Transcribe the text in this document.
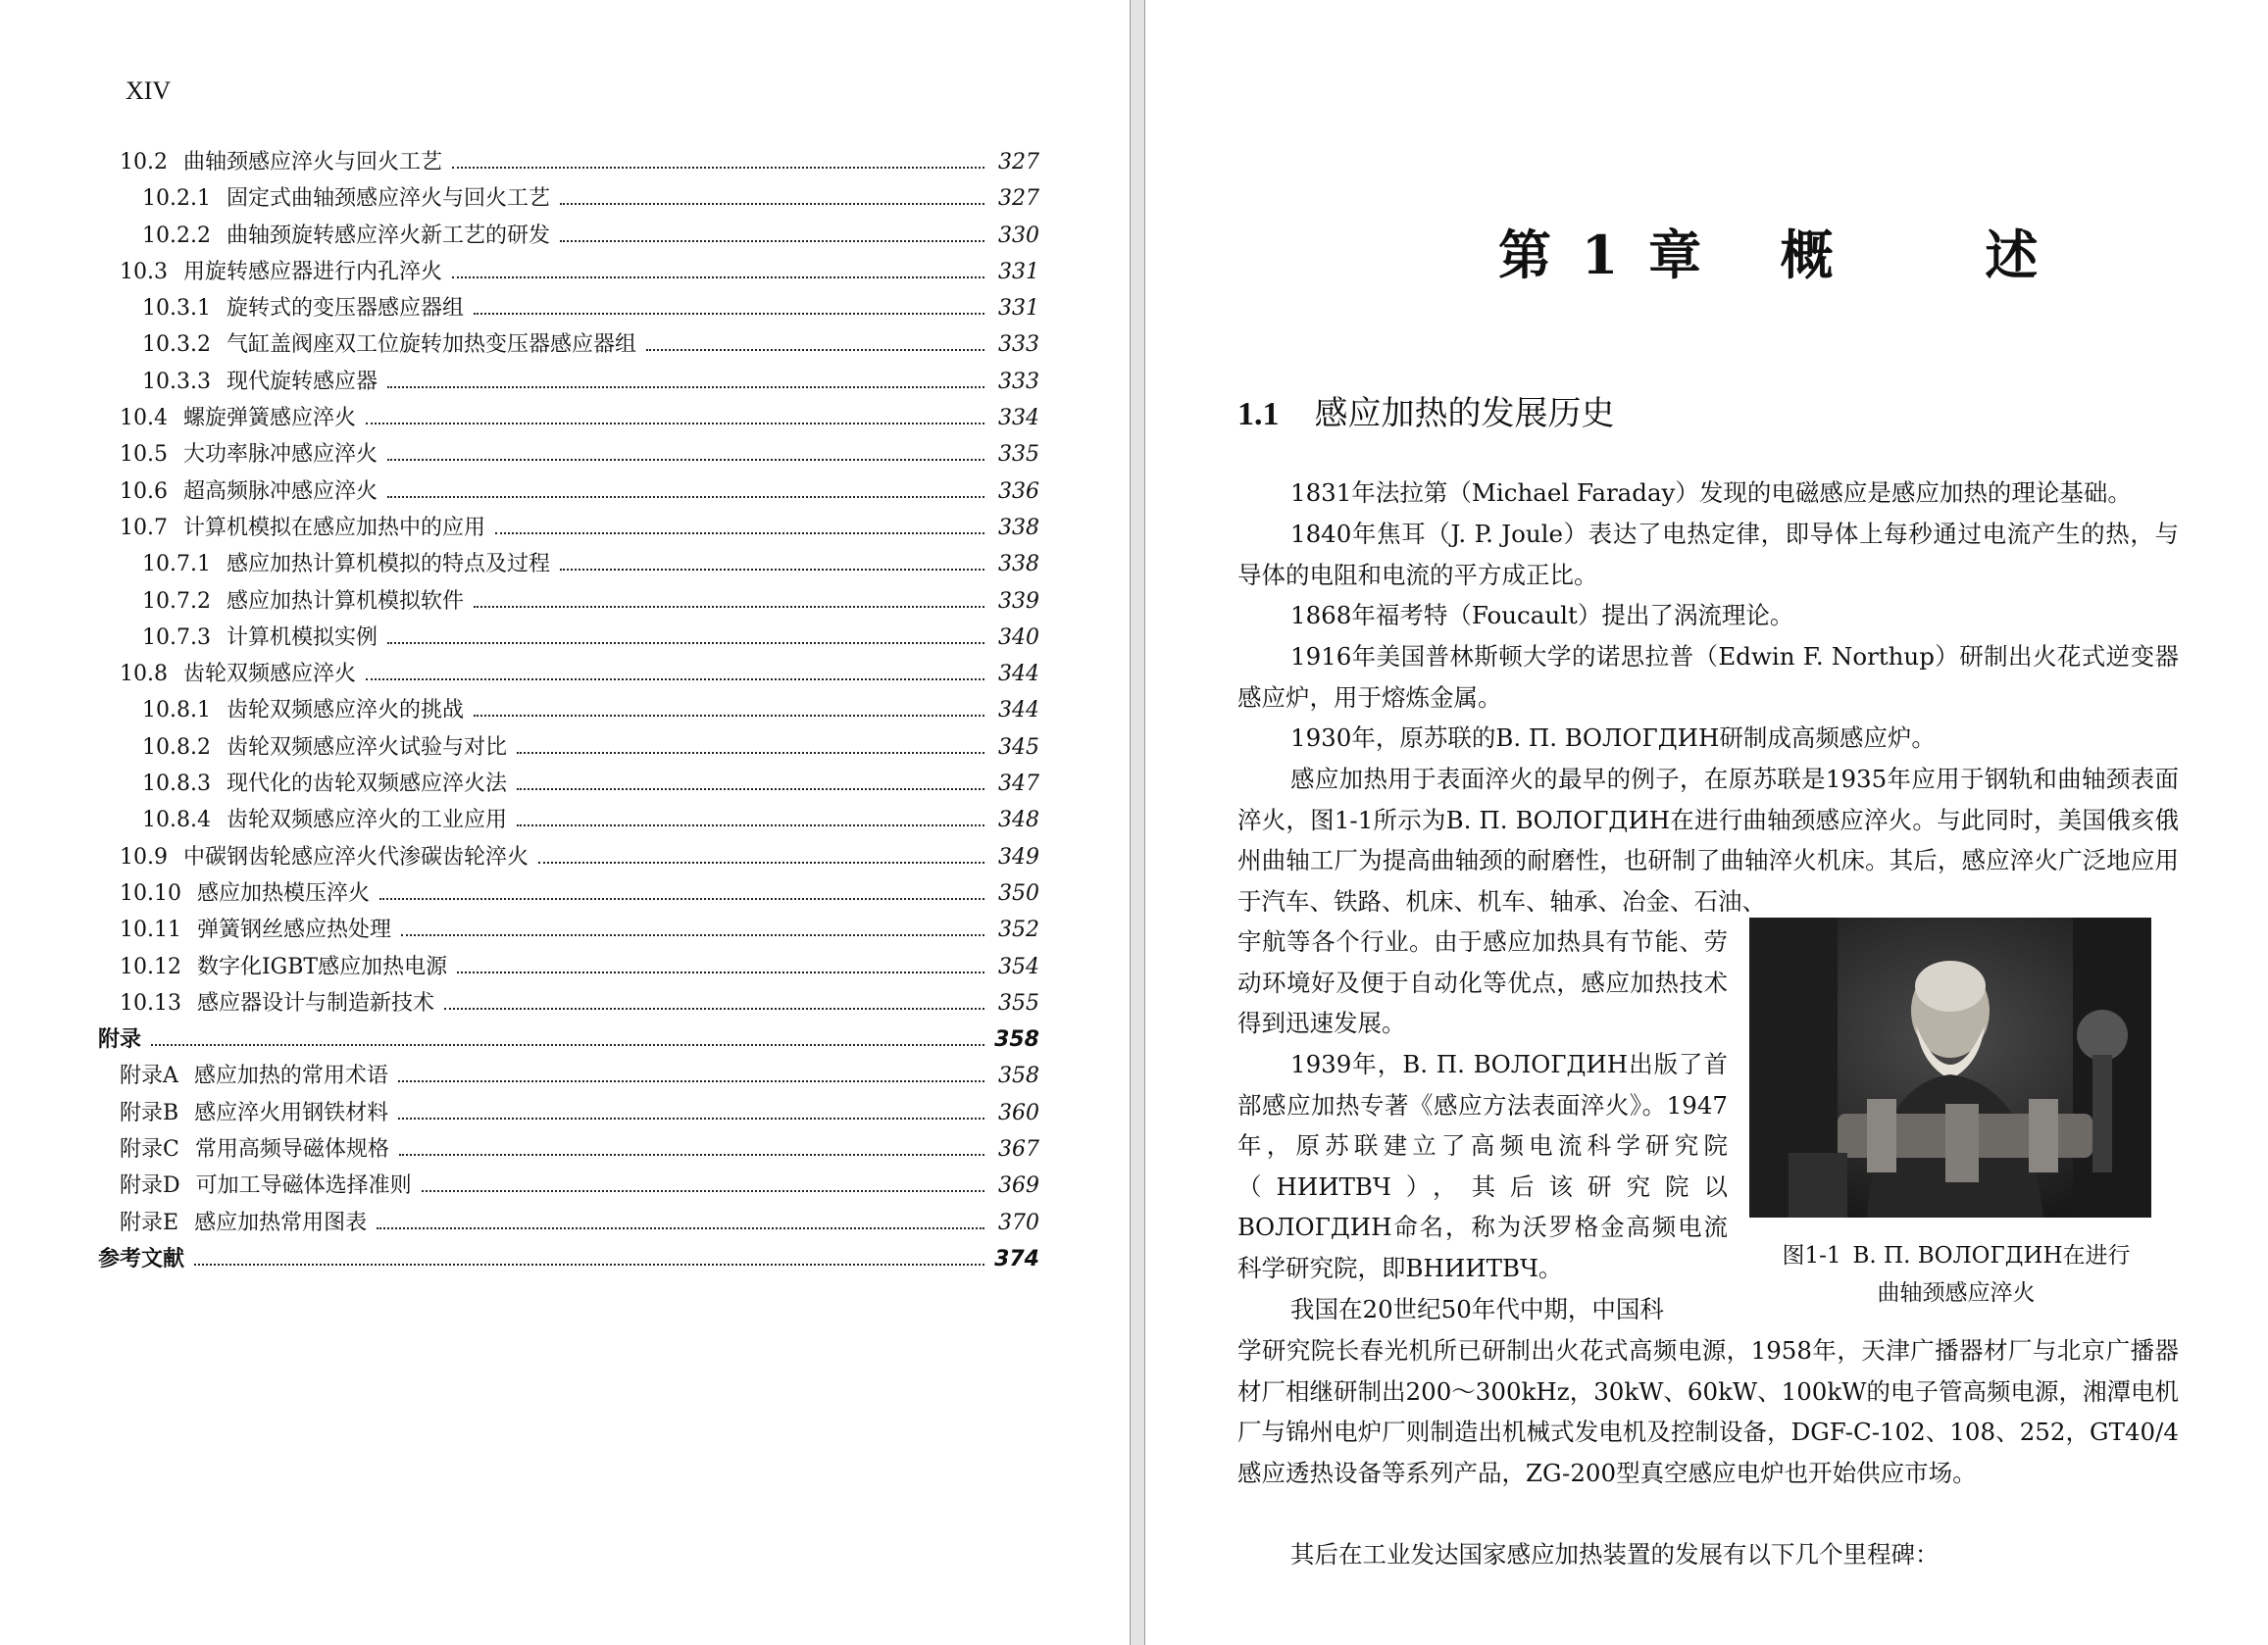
XIV
10.2 曲轴颈感应淬火与回火工艺	327
10.2.1 固定式曲轴颈感应淬火与回火工艺	327
10.2.2 曲轴颈旋转感应淬火新工艺的研发	330
10.3 用旋转感应器进行内孔淬火	331
10.3.1 旋转式的变压器感应器组	331
10.3.2 气缸盖阀座双工位旋转加热变压器感应器组	333
10.3.3 现代旋转感应器	333
10.4 螺旋弹簧感应淬火	334
10.5 大功率脉冲感应淬火	335
10.6 超高频脉冲感应淬火	336
10.7 计算机模拟在感应加热中的应用	338
10.7.1 感应加热计算机模拟的特点及过程	338
10.7.2 感应加热计算机模拟软件	339
10.7.3 计算机模拟实例	340
10.8 齿轮双频感应淬火	344
10.8.1 齿轮双频感应淬火的挑战	344
10.8.2 齿轮双频感应淬火试验与对比	345
10.8.3 现代化的齿轮双频感应淬火法	347
10.8.4 齿轮双频感应淬火的工业应用	348
10.9 中碳钢齿轮感应淬火代渗碳齿轮淬火	349
10.10 感应加热模压淬火	350
10.11 弹簧钢丝感应热处理	352
10.12 数字化IGBT感应加热电源	354
10.13 感应器设计与制造新技术	355
附录	358
附录A 感应加热的常用术语	358
附录B 感应淬火用钢铁材料	360
附录C 常用高频导磁体规格	367
附录D 可加工导磁体选择准则	369
附录E 感应加热常用图表	370
参考文献	374
第 1 章   概      述
1.1 感应加热的发展历史
1831年法拉第（Michael Faraday）发现的电磁感应是感应加热的理论基础。
1840年焦耳（J. P. Joule）表达了电热定律，即导体上每秒通过电流产生的热，与导体的电阻和电流的平方成正比。
1868年福考特（Foucault）提出了涡流理论。
1916年美国普林斯顿大学的诺思拉普（Edwin F. Northup）研制出火花式逆变器感应炉，用于熔炼金属。
1930年，原苏联的B. П. ВОЛОГДИН研制成高频感应炉。
感应加热用于表面淬火的最早的例子，在原苏联是1935年应用于钢轨和曲轴颈表面淬火，图1-1所示为B. П. ВОЛОГДИН在进行曲轴颈感应淬火。与此同时，美国俄亥俄州曲轴工厂为提高曲轴颈的耐磨性，也研制了曲轴淬火机床。其后，感应淬火广泛地应用于汽车、铁路、机床、机车、轴承、冶金、石油、
宇航等各个行业。由于感应加热具有节能、劳动环境好及便于自动化等优点，感应加热技术得到迅速发展。
1939年，B. П. ВОЛОГДИН出版了首部感应加热专著《感应方法表面淬火》。1947年，原苏联建立了高频电流科学研究院（НИИТВЧ），其后该研究院以ВОЛОГДИН命名，称为沃罗格金高频电流科学研究院，即ВНИИТВЧ。
我国在20世纪50年代中期，中国科
学研究院长春光机所已研制出火花式高频电源，1958年，天津广播器材厂与北京广播器材厂相继研制出200～300kHz，30kW、60kW、100kW的电子管高频电源，湘潭电机厂与锦州电炉厂则制造出机械式发电机及控制设备，DGF-C-102、108、252，GT40/4感应透热设备等系列产品，ZG-200型真空感应电炉也开始供应市场。
其后在工业发达国家感应加热装置的发展有以下几个里程碑：
图1-1 B. П. ВОЛОГДИН在进行
曲轴颈感应淬火
